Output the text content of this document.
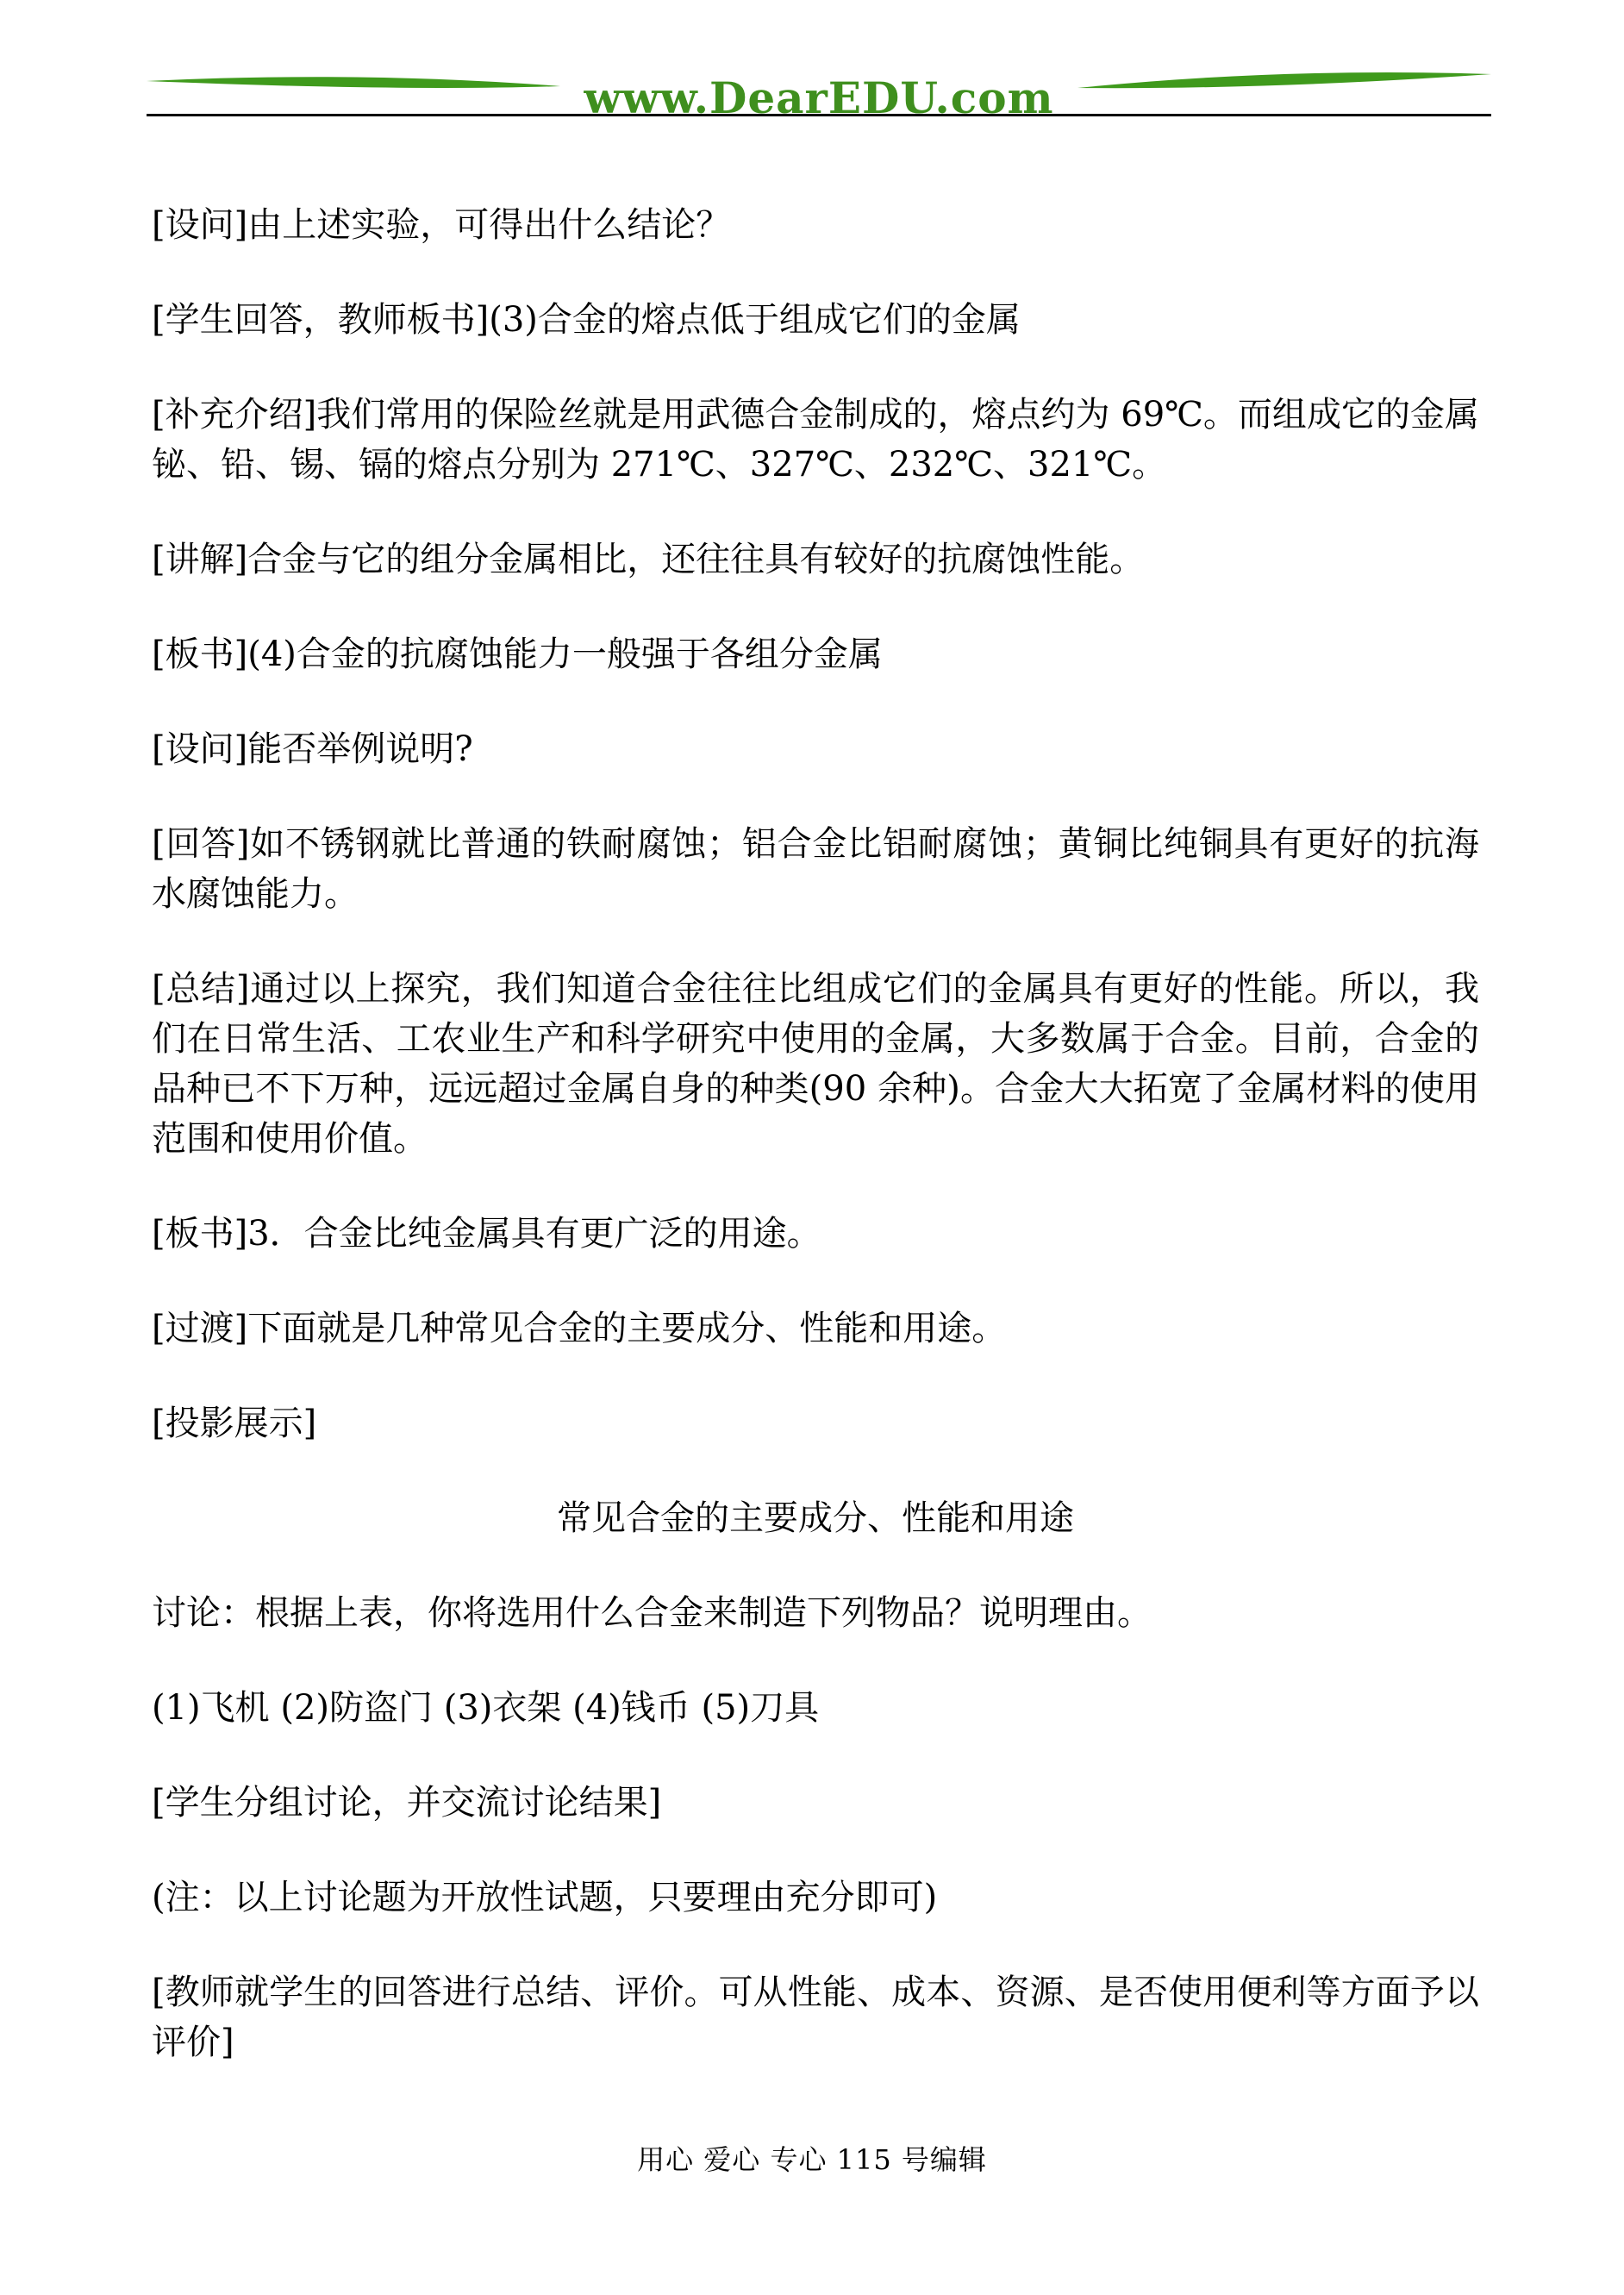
www.DearEDU.com

[设问]由上述实验，可得出什么结论？

[学生回答，教师板书](3)合金的熔点低于组成它们的金属

[补充介绍]我们常用的保险丝就是用武德合金制成的，熔点约为 69℃。而组成它的金属铋、铅、锡、镉的熔点分别为 271℃、327℃、232℃、321℃。

[讲解]合金与它的组分金属相比，还往往具有较好的抗腐蚀性能。

[板书](4)合金的抗腐蚀能力一般强于各组分金属

[设问]能否举例说明?

[回答]如不锈钢就比普通的铁耐腐蚀；铝合金比铝耐腐蚀；黄铜比纯铜具有更好的抗海水腐蚀能力。

[总结]通过以上探究，我们知道合金往往比组成它们的金属具有更好的性能。所以，我们在日常生活、工农业生产和科学研究中使用的金属，大多数属于合金。目前，合金的品种已不下万种，远远超过金属自身的种类(90 余种)。合金大大拓宽了金属材料的使用范围和使用价值。

[板书]3．合金比纯金属具有更广泛的用途。

[过渡]下面就是几种常见合金的主要成分、性能和用途。

[投影展示]

常见合金的主要成分、性能和用途

讨论：根据上表，你将选用什么合金来制造下列物品？说明理由。

(1)飞机 (2)防盗门 (3)衣架 (4)钱币 (5)刀具

[学生分组讨论，并交流讨论结果]

(注：以上讨论题为开放性试题，只要理由充分即可)

[教师就学生的回答进行总结、评价。可从性能、成本、资源、是否使用便利等方面予以评价]

用心 爱心 专心 115 号编辑
